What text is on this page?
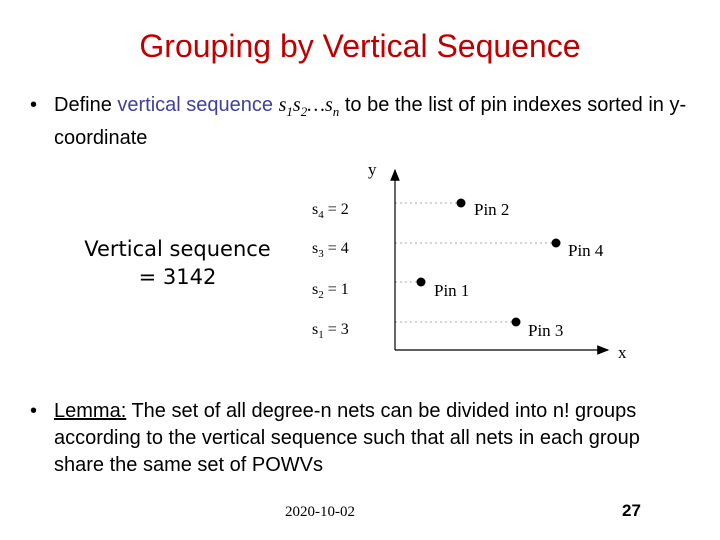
Grouping by Vertical Sequence
• Define vertical sequence $s_1s_2\dots s_n$ to be the list of pin indexes sorted in y-coordinate
Vertical sequence
= 3142
y
x
$s_4 = 2$
$s_3 = 4$
$s_2 = 1$
$s_1 = 3$
Pin 2
Pin 4
Pin 1
Pin 3
• Lemma: The set of all degree-n nets can be divided into n! groups according to the vertical sequence such that all nets in each group share the same set of POWVs
2020-10-02	27
